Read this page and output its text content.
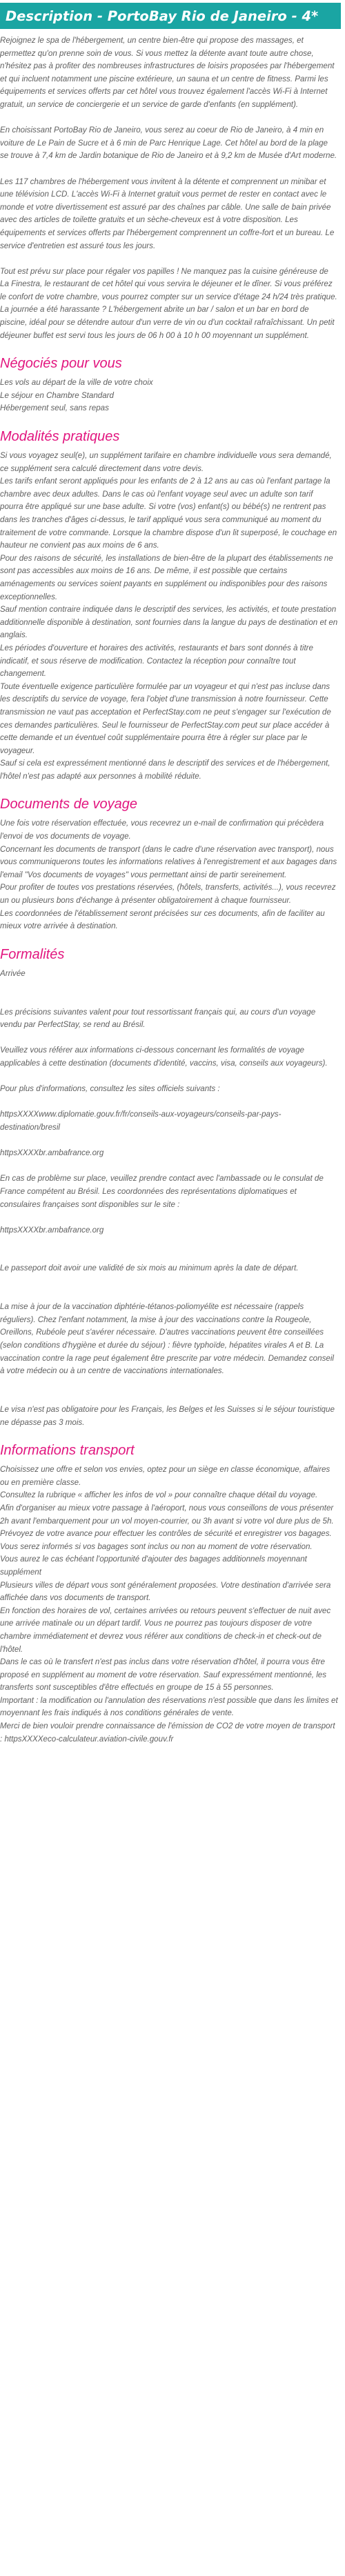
Description - PortoBay Rio de Janeiro - 4*

Rejoignez le spa de l'hébergement, un centre bien-être qui propose des massages, et permettez qu'on prenne soin de vous. Si vous mettez la détente avant toute autre chose, n'hésitez pas à profiter des nombreuses infrastructures de loisirs proposées par l'hébergement et qui incluent notamment une piscine extérieure, un sauna et un centre de fitness. Parmi les équipements et services offerts par cet hôtel vous trouvez également l'accès Wi-Fi à Internet gratuit, un service de conciergerie et un service de garde d'enfants (en supplément).

En choisissant PortoBay Rio de Janeiro, vous serez au coeur de Rio de Janeiro, à 4 min en voiture de Le Pain de Sucre et à 6 min de Parc Henrique Lage. Cet hôtel au bord de la plage se trouve à 7,4 km de Jardin botanique de Rio de Janeiro et à 9,2 km de Musée d'Art moderne.

Les 117 chambres de l'hébergement vous invitent à la détente et comprennent un minibar et une télévision LCD. L'accès Wi-Fi à Internet gratuit vous permet de rester en contact avec le monde et votre divertissement est assuré par des chaînes par câble. Une salle de bain privée avec des articles de toilette gratuits et un sèche-cheveux est à votre disposition. Les équipements et services offerts par l'hébergement comprennent un coffre-fort et un bureau. Le service d'entretien est assuré tous les jours.

Tout est prévu sur place pour régaler vos papilles ! Ne manquez pas la cuisine généreuse de La Finestra, le restaurant de cet hôtel qui vous servira le déjeuner et le dîner. Si vous préférez le confort de votre chambre, vous pourrez compter sur un service d'étage 24 h/24 très pratique. La journée a été harassante ? L'hébergement abrite un bar / salon et un bar en bord de piscine, idéal pour se détendre autour d'un verre de vin ou d'un cocktail rafraîchissant. Un petit déjeuner buffet est servi tous les jours de 06 h 00 à 10 h 00 moyennant un supplément.

Négociés pour vous

Les vols au départ de la ville de votre choix

Le séjour en Chambre Standard

Hébergement seul, sans repas

Modalités pratiques

Si vous voyagez seul(e), un supplément tarifaire en chambre individuelle vous sera demandé, ce supplément sera calculé directement dans votre devis.

Les tarifs enfant seront appliqués pour les enfants de 2 à 12 ans au cas où l'enfant partage la chambre avec deux adultes. Dans le cas où l'enfant voyage seul avec un adulte son tarif pourra être appliqué sur une base adulte. Si votre (vos) enfant(s) ou bébé(s) ne rentrent pas dans les tranches d'âges ci-dessus, le tarif appliqué vous sera communiqué au moment du traitement de votre commande. Lorsque la chambre dispose d'un lit superposé, le couchage en hauteur ne convient pas aux moins de 6 ans.

Pour des raisons de sécurité, les installations de bien-être de la plupart des établissements ne sont pas accessibles aux moins de 16 ans. De même, il est possible que certains aménagements ou services soient payants en supplément ou indisponibles pour des raisons exceptionnelles.

Sauf mention contraire indiquée dans le descriptif des services, les activités, et toute prestation additionnelle disponible à destination, sont fournies dans la langue du pays de destination et en anglais.

Les périodes d'ouverture et horaires des activités, restaurants et bars sont donnés à titre indicatif, et sous réserve de modification. Contactez la réception pour connaître tout changement.

Toute éventuelle exigence particulière formulée par un voyageur et qui n'est pas incluse dans les descriptifs du service de voyage, fera l'objet d'une transmission à notre fournisseur. Cette transmission ne vaut pas acceptation et PerfectStay.com ne peut s'engager sur l'exécution de ces demandes particulières. Seul le fournisseur de PerfectStay.com peut sur place accéder à cette demande et un éventuel coût supplémentaire pourra être à régler sur place par le voyageur.

Sauf si cela est expressément mentionné dans le descriptif des services et de l'hébergement, l'hôtel n'est pas adapté aux personnes à mobilité réduite.

Documents de voyage

Une fois votre réservation effectuée, vous recevrez un e-mail de confirmation qui précèdera l'envoi de vos documents de voyage.

Concernant les documents de transport (dans le cadre d'une réservation avec transport), nous vous communiquerons toutes les informations relatives à l'enregistrement et aux bagages dans l'email "Vos documents de voyages" vous permettant ainsi de partir sereinement.

Pour profiter de toutes vos prestations réservées, (hôtels, transferts, activités...), vous recevrez un ou plusieurs bons d'échange à présenter obligatoirement à chaque fournisseur.

Les coordonnées de l'établissement seront précisées sur ces documents, afin de faciliter au mieux votre arrivée à destination.

Formalités

Arrivée

Les précisions suivantes valent pour tout ressortissant français qui, au cours d'un voyage vendu par PerfectStay, se rend au Brésil.

Veuillez vous référer aux informations ci-dessous concernant les formalités de voyage applicables à cette destination (documents d'identité, vaccins, visa, conseils aux voyageurs).

Pour plus d'informations, consultez les sites officiels suivants :

httpsXXXXwww.diplomatie.gouv.fr/fr/conseils-aux-voyageurs/conseils-par-pays-destination/bresil

httpsXXXXbr.ambafrance.org

En cas de problème sur place, veuillez prendre contact avec l'ambassade ou le consulat de France compétent au Brésil. Les coordonnées des représentations diplomatiques et consulaires françaises sont disponibles sur le site :

httpsXXXXbr.ambafrance.org

Le passeport doit avoir une validité de six mois au minimum après la date de départ.

La mise à jour de la vaccination diphtérie-tétanos-poliomyélite est nécessaire (rappels réguliers). Chez l'enfant notamment, la mise à jour des vaccinations contre la Rougeole, Oreillons, Rubéole peut s'avérer nécessaire. D'autres vaccinations peuvent être conseillées (selon conditions d'hygiène et durée du séjour) : fièvre typhoïde, hépatites virales A et B. La vaccination contre la rage peut également être prescrite par votre médecin. Demandez conseil à votre médecin ou à un centre de vaccinations internationales.

Le visa n'est pas obligatoire pour les Français, les Belges et les Suisses si le séjour touristique ne dépasse pas 3 mois.

Informations transport

Choisissez une offre et selon vos envies, optez pour un siège en classe économique, affaires ou en première classe.

Consultez la rubrique « afficher les infos de vol » pour connaître chaque détail du voyage.

Afin d'organiser au mieux votre passage à l'aéroport, nous vous conseillons de vous présenter 2h avant l'embarquement pour un vol moyen-courrier, ou 3h avant si votre vol dure plus de 5h. Prévoyez de votre avance pour effectuer les contrôles de sécurité et enregistrer vos bagages.

Vous serez informés si vos bagages sont inclus ou non au moment de votre réservation.

Vous aurez le cas échéant l'opportunité d'ajouter des bagages additionnels moyennant supplément

Plusieurs villes de départ vous sont généralement proposées. Votre destination d'arrivée sera affichée dans vos documents de transport.

En fonction des horaires de vol, certaines arrivées ou retours peuvent s'effectuer de nuit avec une arrivée matinale ou un départ tardif. Vous ne pourrez pas toujours disposer de votre chambre immédiatement et devrez vous référer aux conditions de check-in et check-out de l'hôtel.

Dans le cas où le transfert n'est pas inclus dans votre réservation d'hôtel, il pourra vous être proposé en supplément au moment de votre réservation. Sauf expressément mentionné, les transferts sont susceptibles d'être effectués en groupe de 15 à 55 personnes.

Important : la modification ou l'annulation des réservations n'est possible que dans les limites et moyennant les frais indiqués à nos conditions générales de vente.

Merci de bien vouloir prendre connaissance de l'émission de CO2 de votre moyen de transport : httpsXXXXeco-calculateur.aviation-civile.gouv.fr
